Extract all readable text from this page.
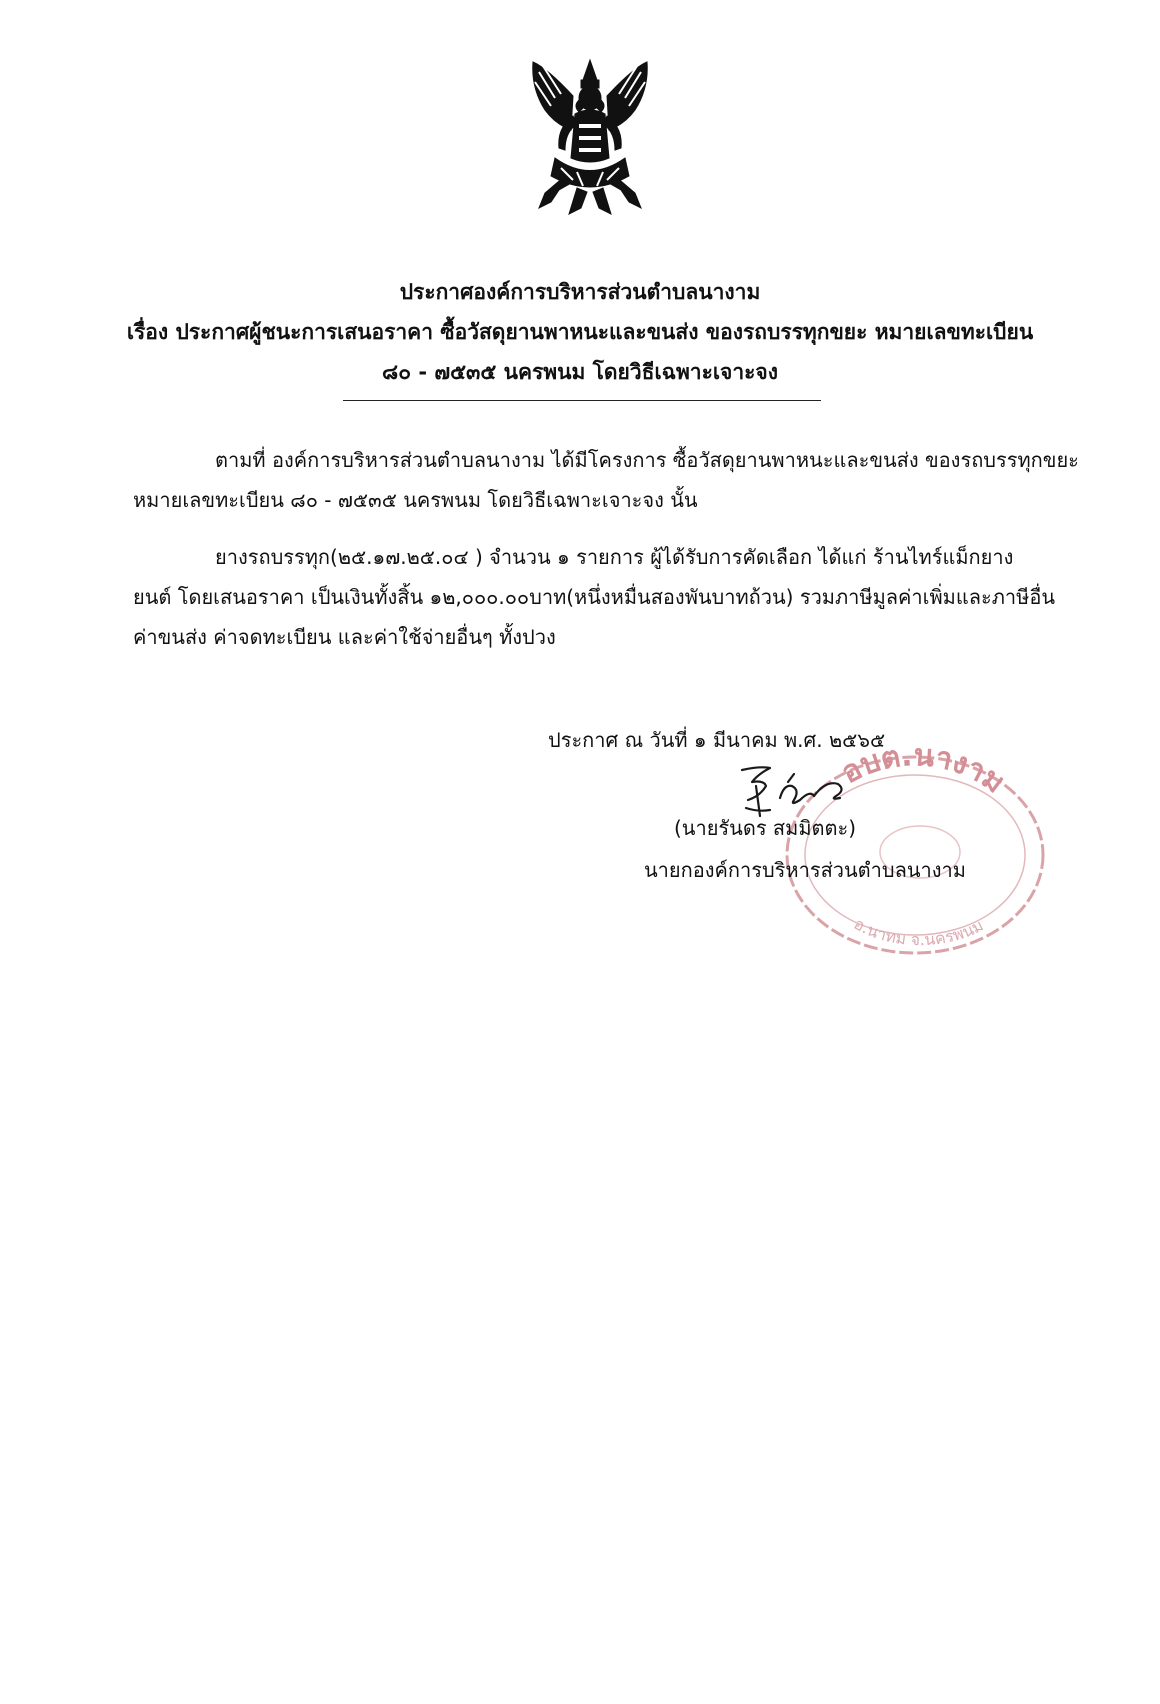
ประกาศองค์การบริหารส่วนตำบลนางาม
เรื่อง ประกาศผู้ชนะการเสนอราคา ซื้อวัสดุยานพาหนะและขนส่ง ของรถบรรทุกขยะ หมายเลขทะเบียน
๘๐ - ๗๕๓๕ นครพนม โดยวิธีเฉพาะเจาะจง
ตามที่ องค์การบริหารส่วนตำบลนางาม ได้มีโครงการ ซื้อวัสดุยานพาหนะและขนส่ง ของรถบรรทุกขยะ
หมายเลขทะเบียน ๘๐ - ๗๕๓๕ นครพนม โดยวิธีเฉพาะเจาะจง นั้น
ยางรถบรรทุก(๒๕.๑๗.๒๕.๐๔ ) จำนวน ๑ รายการ ผู้ได้รับการคัดเลือก ได้แก่ ร้านไทร์แม็กยาง
ยนต์ โดยเสนอราคา เป็นเงินทั้งสิ้น ๑๒,๐๐๐.๐๐บาท(หนึ่งหมื่นสองพันบาทถ้วน) รวมภาษีมูลค่าเพิ่มและภาษีอื่น
ค่าขนส่ง ค่าจดทะเบียน และค่าใช้จ่ายอื่นๆ ทั้งปวง
อบต.นางาม
อ.นาทม จ.นครพนม
ประกาศ ณ วันที่ ๑ มีนาคม พ.ศ. ๒๕๖๕
(นายรันดร สมมิตตะ)
นายกองค์การบริหารส่วนตำบลนางาม
